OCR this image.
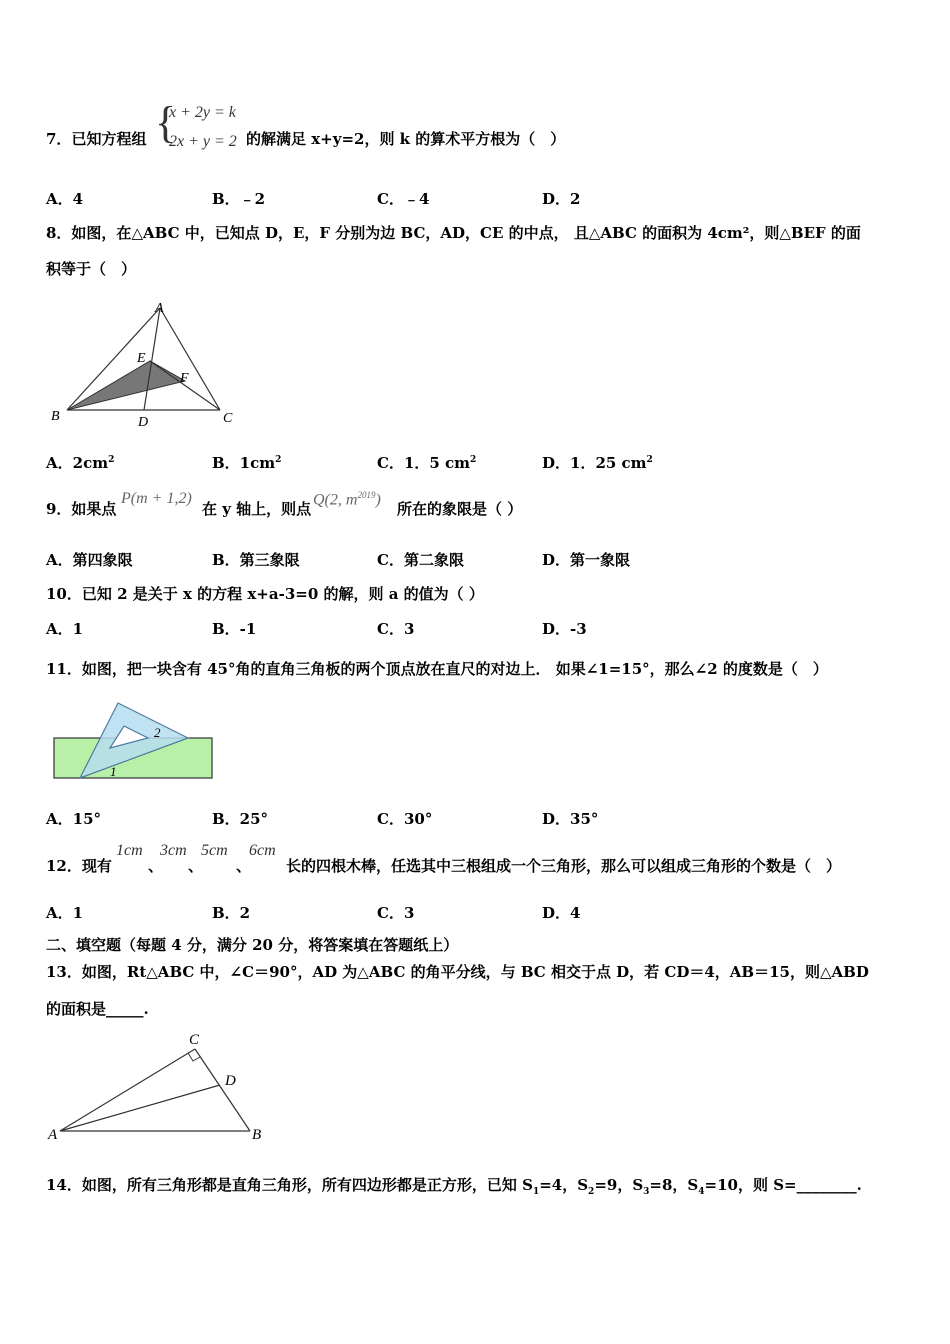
7．已知方程组 {
x + 2y = k
2x + y = 2 的解满足 x+y=2，则 k 的算术平方根为（　）
A．4	B．﹣2	C．﹣4	D．2
8．如图，在△ABC 中，已知点 D，E，F 分别为边 BC，AD，CE 的中点， 且△ABC 的面积为 4cm²，则△BEF 的面
积等于（　）
A
B	C
D
E
F
A．$2cm^2$	B．$1cm^2$	C．1．5 $cm^2$	D．1．25 $cm^2$
9．如果点
P(m + 1,2)
在 y 轴上，则点
Q(2, $m^{2019}$)
所在的象限是（ ）
A．第四象限	B．第三象限	C．第二象限	D．第一象限
10．已知 2 是关于 x 的方程 x+a-3=0 的解，则 a 的值为（ ）
A．1	B．-1	C．3	D．-3
11．如图，把一块含有 45°角的直角三角板的两个顶点放在直尺的对边上． 如果∠1=15°，那么∠2 的度数是（　）
2
1
A．15°	B．25°	C．30°	D．35°
12．现有
1cm
、
3cm
、
5cm
、
6cm
长的四根木棒，任选其中三根组成一个三角形，那么可以组成三角形的个数是（　）
A．1	B．2	C．3	D．4
二、填空题（每题 4 分，满分 20 分，将答案填在答题纸上）
13．如图，Rt△ABC 中，∠C＝90°，AD 为△ABC 的角平分线，与 BC 相交于点 D，若 CD＝4，AB＝15，则△ABD
的面积是_____.
C
D
A	B
14．如图，所有三角形都是直角三角形，所有四边形都是正方形，已知 $S_1=4$，$S_2=9$，$S_3=8$，$S_4=10$，则 S=________.
